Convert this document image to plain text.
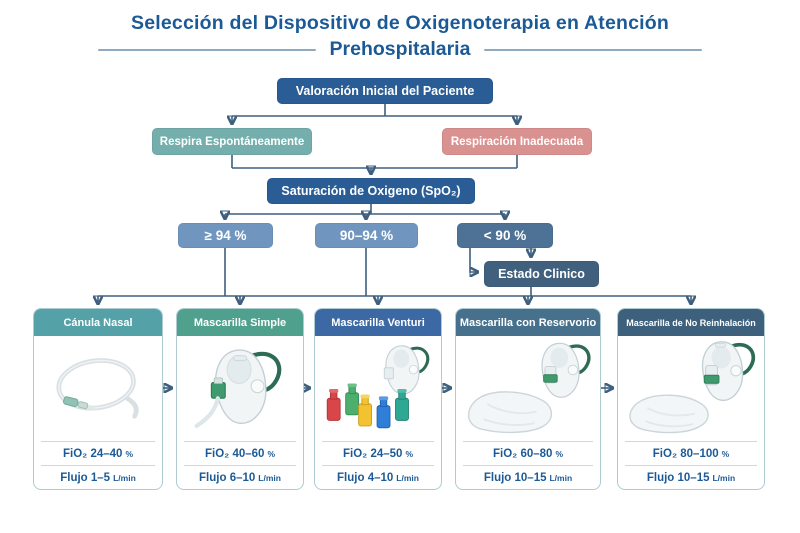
Selección del Dispositivo de Oxigenoterapia en Atención
Prehospitalaria
Valoración Inicial del Paciente
Respira Espontáneamente	Respiración Inadecuada
Saturación de Oxigeno (SpO₂)
≥ 94 %	90–94 %	< 90 %
Estado Clinico
Cánula Nasal
FiO₂ 24–40 %
Flujo 1–5 L/min
Mascarilla Simple
FiO₂ 40–60 %
Flujo 6–10 L/min
Mascarilla Venturi
FiO₂ 24–50 %
Flujo 4–10 L/min
Mascarilla con Reservorio
FiO₂ 60–80 %
Flujo 10–15 L/min
Mascarilla de No Reinhalación
FiO₂ 80–100 %
Flujo 10–15 L/min
